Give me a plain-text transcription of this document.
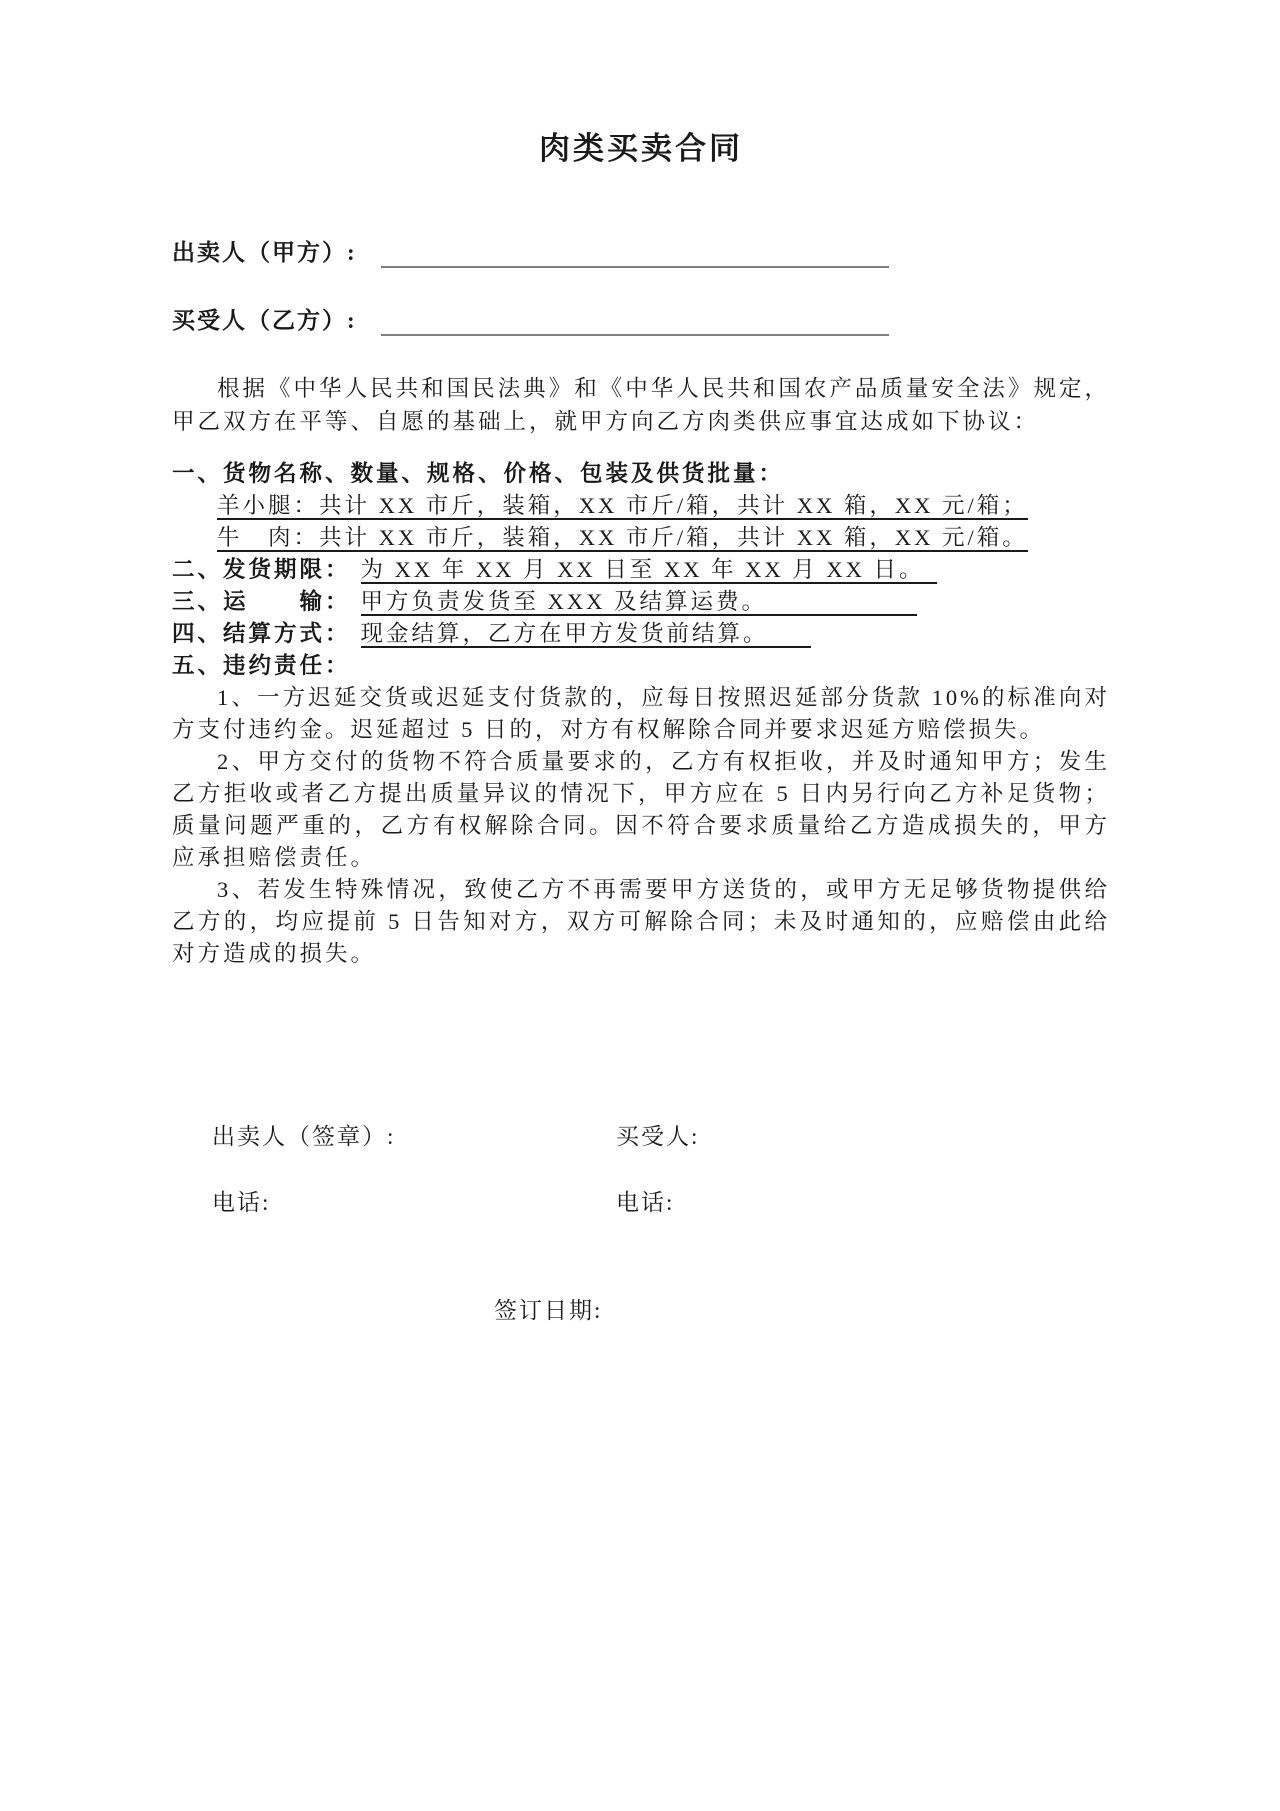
肉类买卖合同
出卖人（甲方）:
买受人（乙方）:

根据《中华人民共和国民法典》和《中华人民共和国农产品质量安全法》规定，甲乙双方在平等、自愿的基础上，就甲方向乙方肉类供应事宜达成如下协议：

一、货物名称、数量、规格、价格、包装及供货批量：

羊小腿：共计 XX 市斤，装箱，XX 市斤/箱，共计 XX 箱，XX 元/箱；

牛　肉：共计 XX 市斤，装箱，XX 市斤/箱，共计 XX 箱，XX 元/箱。

二、发货期限： 为 XX 年 XX 月 XX 日至 XX 年 XX 月 XX 日。

三、运　　输： 甲方负责发货至 XXX 及结算运费。

四、结算方式： 现金结算，乙方在甲方发货前结算。

五、违约责任：

1、一方迟延交货或迟延支付货款的，应每日按照迟延部分货款 10%的标准向对方支付违约金。迟延超过 5 日的，对方有权解除合同并要求迟延方赔偿损失。

2、甲方交付的货物不符合质量要求的，乙方有权拒收，并及时通知甲方；发生乙方拒收或者乙方提出质量异议的情况下，甲方应在 5 日内另行向乙方补足货物；质量问题严重的，乙方有权解除合同。因不符合要求质量给乙方造成损失的，甲方应承担赔偿责任。

3、若发生特殊情况，致使乙方不再需要甲方送货的，或甲方无足够货物提供给乙方的，均应提前 5 日告知对方，双方可解除合同；未及时通知的，应赔偿由此给对方造成的损失。

出卖人（签章）:	买受人:
电话:	电话:
签订日期:
